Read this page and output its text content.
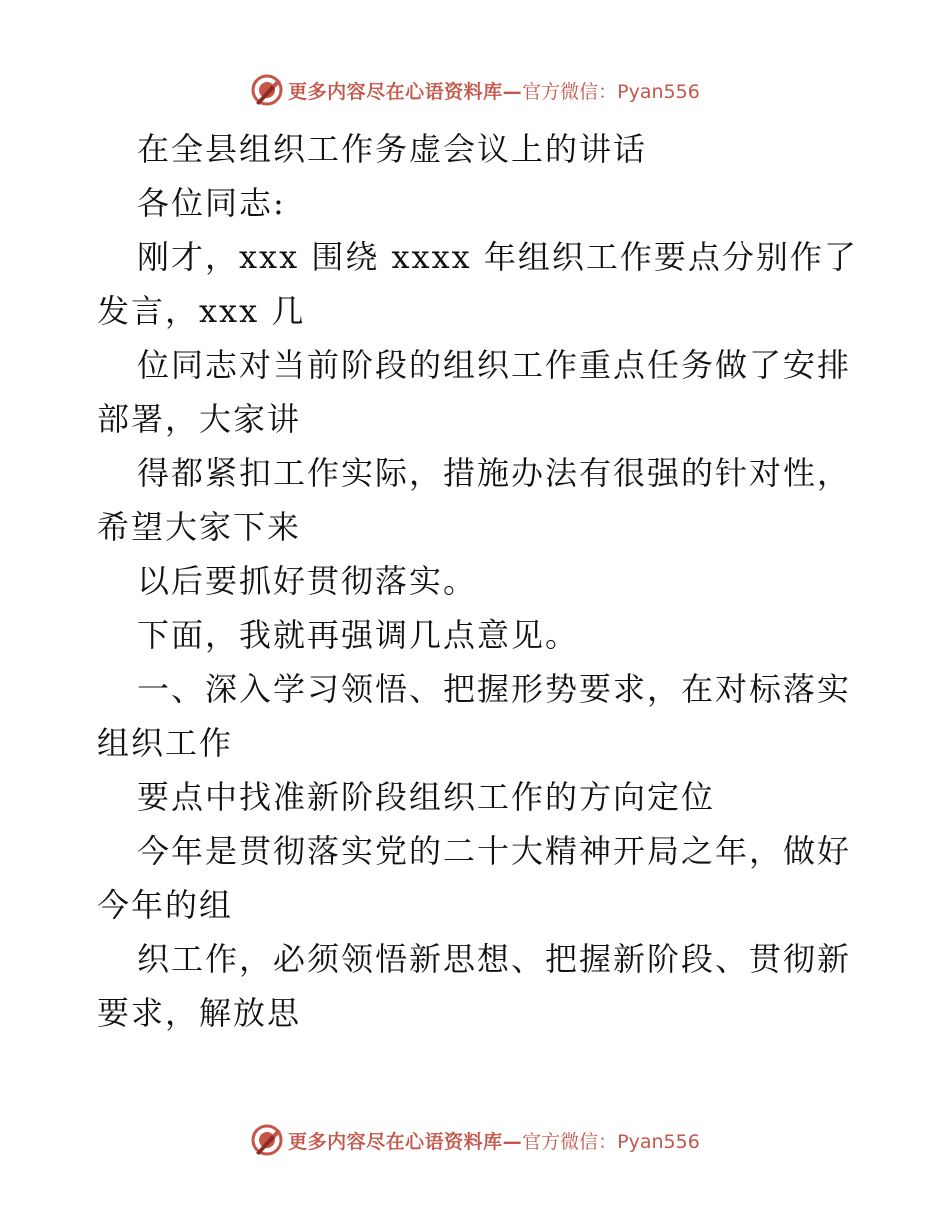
更多内容尽在心语资料库— 官方微信：Pyan556
在全县组织工作务虚会议上的讲话
各位同志:
刚才，xxx 围绕 xxxx 年组织工作要点分别作了
发言，xxx 几
位同志对当前阶段的组织工作重点任务做了安排
部署，大家讲
得都紧扣工作实际，措施办法有很强的针对性，
希望大家下来
以后要抓好贯彻落实。
下面，我就再强调几点意见。
一、深入学习领悟、把握形势要求，在对标落实
组织工作
要点中找准新阶段组织工作的方向定位
今年是贯彻落实党的二十大精神开局之年，做好
今年的组
织工作，必须领悟新思想、把握新阶段、贯彻新
要求，解放思
更多内容尽在心语资料库— 官方微信：Pyan556
